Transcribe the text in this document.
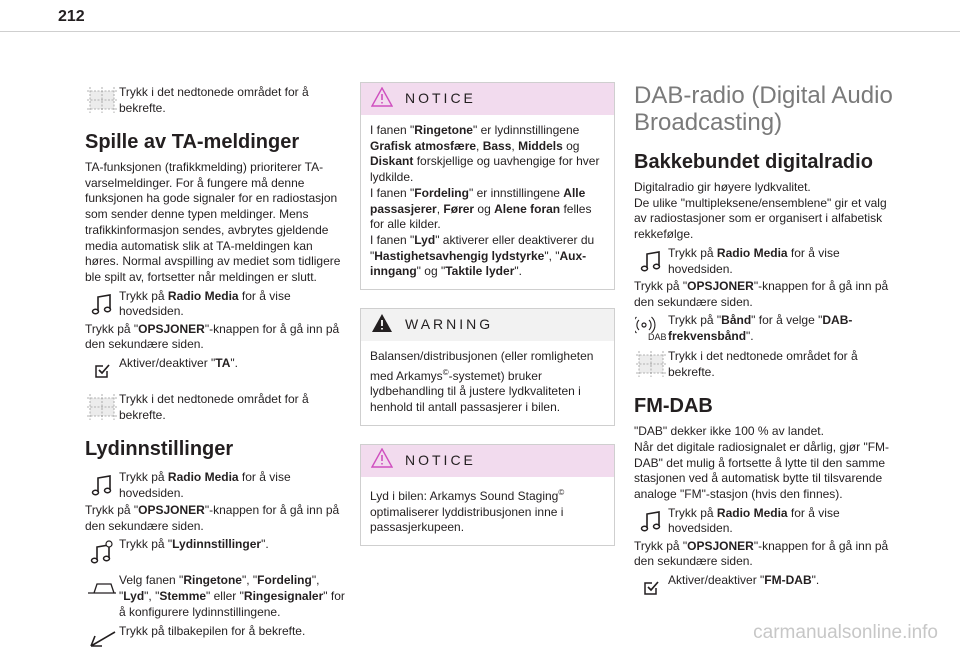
212
Trykk i det nedtonede området for å bekrefte.
Spille av TA-meldinger
TA-funksjonen (trafikkmelding) prioriterer TA-varselmeldinger. For å fungere må denne funksjonen ha gode signaler for en radiostasjon som sender denne typen meldinger. Mens trafikkinformasjon sendes, avbrytes gjeldende media automatisk slik at TA-meldingen kan høres. Normal avspilling av mediet som tidligere ble spilt av, fortsetter når meldingen er slutt.
Trykk på Radio Media for å vise hovedsiden.
Trykk på "OPSJONER"-knappen for å gå inn på den sekundære siden.
Aktiver/deaktiver "TA".
Trykk i det nedtonede området for å bekrefte.
Lydinnstillinger
Trykk på Radio Media for å vise hovedsiden.
Trykk på "OPSJONER"-knappen for å gå inn på den sekundære siden.
Trykk på "Lydinnstillinger".
Velg fanen "Ringetone", "Fordeling", "Lyd", "Stemme" eller "Ringesignaler" for å konfigurere lydinnstillingene.
Trykk på tilbakepilen for å bekrefte.
NOTICE
I fanen "Ringetone" er lydinnstillingene Grafisk atmosfære, Bass, Middels og Diskant forskjellige og uavhengige for hver lydkilde.
I fanen "Fordeling" er innstillingene Alle passasjerer, Fører og Alene foran felles for alle kilder.
I fanen "Lyd" aktiverer eller deaktiverer du "Hastighetsavhengig lydstyrke", "Aux-inngang" og "Taktile lyder".
WARNING
Balansen/distribusjonen (eller romligheten med Arkamys©-systemet) bruker lydbehandling til å justere lydkvaliteten i henhold til antall passasjerer i bilen.
NOTICE
Lyd i bilen: Arkamys Sound Staging© optimaliserer lyddistribusjonen inne i passasjerkupeen.
DAB-radio (Digital Audio Broadcasting)
Bakkebundet digitalradio
Digitalradio gir høyere lydkvalitet.
De ulike "multipleksene/ensemblene" gir et valg av radiostasjoner som er organisert i alfabetisk rekkefølge.
Trykk på Radio Media for å vise hovedsiden.
Trykk på "OPSJONER"-knappen for å gå inn på den sekundære siden.
DAB
Trykk på "Bånd" for å velge "DAB-frekvensbånd".
Trykk i det nedtonede området for å bekrefte.
FM-DAB
"DAB" dekker ikke 100 % av landet.
Når det digitale radiosignalet er dårlig, gjør "FM-DAB" det mulig å fortsette å lytte til den samme stasjonen ved å automatisk bytte til tilsvarende analoge "FM"-stasjon (hvis den finnes).
Trykk på Radio Media for å vise hovedsiden.
Trykk på "OPSJONER"-knappen for å gå inn på den sekundære siden.
Aktiver/deaktiver "FM-DAB".
carmanualsonline.info
